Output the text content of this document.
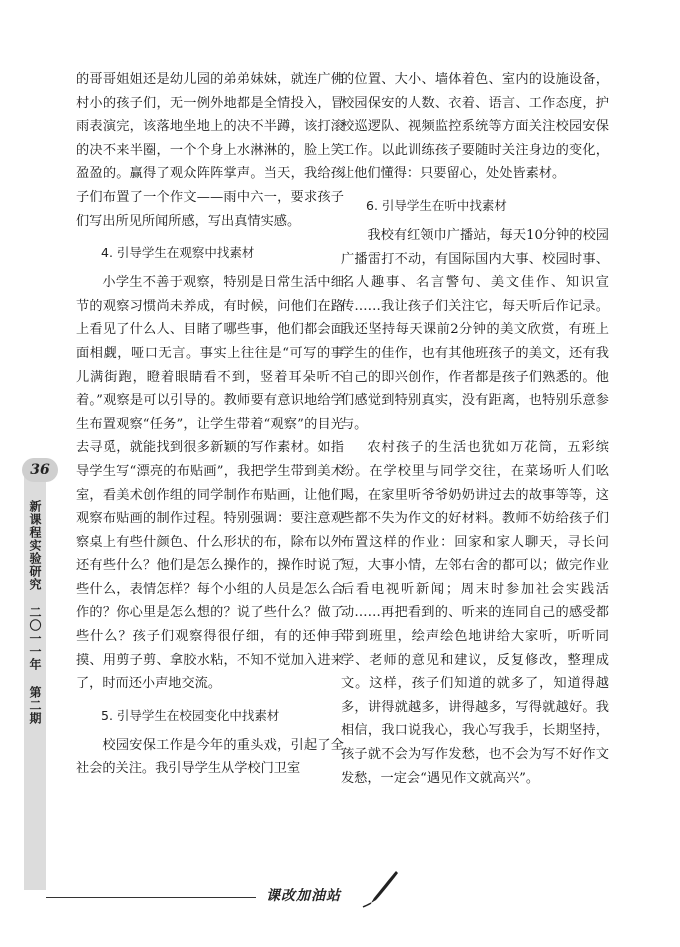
36
新课程实验研究 二〇一一年 第二期

的哥哥姐姐还是幼儿园的弟弟妹妹，就连广佛村小的孩子们，无一例外地都是全情投入，冒雨表演完，该落地坐地上的决不半蹲，该打滚的决不来半圈，一个个身上水淋淋的，脸上笑盈盈的。赢得了观众阵阵掌声。当天，我给孩子们布置了一个作文——雨中六一，要求孩子们写出所见所闻所感，写出真情实感。

4. 引导学生在观察中找素材

小学生不善于观察，特别是日常生活中细节的观察习惯尚未养成，有时候，问他们在路上看见了什么人、目睹了哪些事，他们都会面面相觑，哑口无言。事实上往往是“可写的事儿满街跑，瞪着眼睛看不到，竖着耳朵听不着。”观察是可以引导的。教师要有意识地给学生布置观察“任务”，让学生带着“观察”的目光去寻觅，就能找到很多新颖的写作素材。如指导学生写“漂亮的布贴画”，我把学生带到美术室，看美术创作组的同学制作布贴画，让他们观察布贴画的制作过程。特别强调：要注意观察桌上有些什颜色、什么形状的布，除布以外还有些什么？他们是怎么操作的，操作时说了些什么，表情怎样？每个小组的人员是怎么合作的？你心里是怎么想的？说了些什么？做了些什么？孩子们观察得很仔细，有的还伸手摸、用剪子剪、拿胶水粘，不知不觉加入进来了，时而还小声地交流。

5. 引导学生在校园变化中找素材

校园安保工作是今年的重头戏，引起了全社会的关注。我引导学生从学校门卫室

的位置、大小、墙体着色、室内的设施设备，校园保安的人数、衣着、语言、工作态度，护校巡逻队、视频监控系统等方面关注校园安保工作。以此训练孩子要随时关注身边的变化，让他们懂得：只要留心，处处皆素材。

6. 引导学生在听中找素材

我校有红领巾广播站，每天10分钟的校园广播雷打不动，有国际国内大事、校园时事、名人趣事、名言警句、美文佳作、知识宣传……我让孩子们关注它，每天听后作记录。我还坚持每天课前2分钟的美文欣赏，有班上学生的佳作，也有其他班孩子的美文，还有我自己的即兴创作，作者都是孩子们熟悉的。他们感觉到特别真实，没有距离，也特别乐意参与。

农村孩子的生活也犹如万花筒，五彩缤纷。在学校里与同学交往，在菜场听人们吆喝，在家里听爷爷奶奶讲过去的故事等等，这些都不失为作文的好材料。教师不妨给孩子们布置这样的作业：回家和家人聊天，寻长问短，大事小情，左邻右舍的都可以；做完作业后看电视听新闻；周末时参加社会实践活动……再把看到的、听来的连同自己的感受都带到班里，绘声绘色地讲给大家听，听听同学、老师的意见和建议，反复修改，整理成文。这样，孩子们知道的就多了，知道得越多，讲得就越多，讲得越多，写得就越好。我相信，我口说我心，我心写我手，长期坚持，孩子就不会为写作发愁，也不会为写不好作文发愁，一定会“遇见作文就高兴”。

课改加油站
